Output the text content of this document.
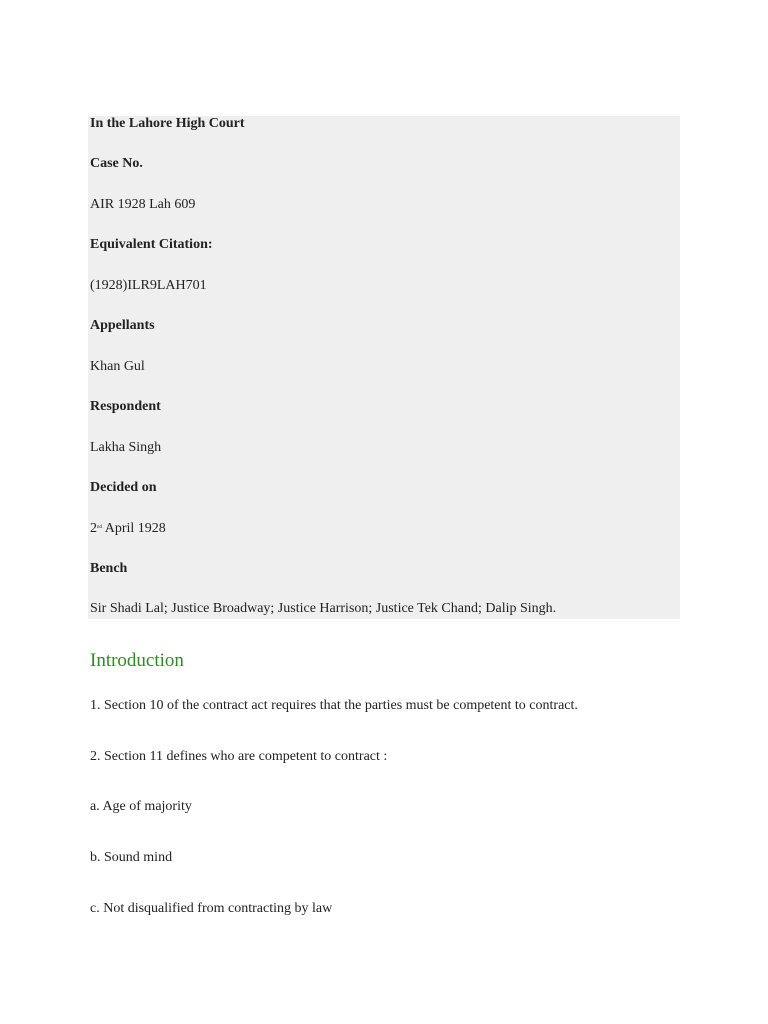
In the Lahore High Court
Case No.
AIR 1928 Lah 609
Equivalent Citation:
(1928)ILR9LAH701
Appellants
Khan Gul
Respondent
Lakha Singh
Decided on
2nd April 1928
Bench
Sir Shadi Lal; Justice Broadway; Justice Harrison; Justice Tek Chand; Dalip Singh.
Introduction
1. Section 10 of the contract act requires that the parties must be competent to contract.
2. Section 11 defines who are competent to contract :
a. Age of majority
b. Sound mind
c. Not disqualified from contracting by law
